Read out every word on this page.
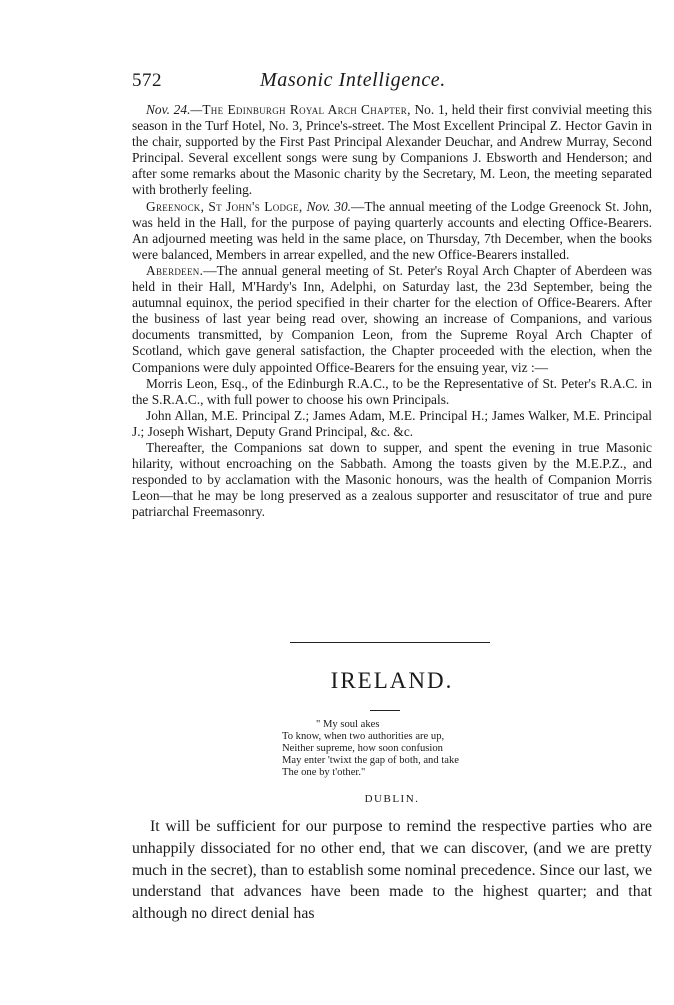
572	Masonic Intelligence.

Nov. 24.—The Edinburgh Royal Arch Chapter, No. 1, held their first convivial meeting this season in the Turf Hotel, No. 3, Prince's-street. The Most Excellent Principal Z. Hector Gavin in the chair, supported by the First Past Principal Alexander Deuchar, and Andrew Murray, Second Principal. Several excellent songs were sung by Companions J. Ebsworth and Henderson; and after some remarks about the Masonic charity by the Secretary, M. Leon, the meeting separated with brotherly feeling.

Greenock, St John's Lodge, Nov. 30.—The annual meeting of the Lodge Greenock St. John, was held in the Hall, for the purpose of paying quarterly accounts and electing Office-Bearers. An adjourned meeting was held in the same place, on Thursday, 7th December, when the books were balanced, Members in arrear expelled, and the new Office-Bearers installed.

Aberdeen.—The annual general meeting of St. Peter's Royal Arch Chapter of Aberdeen was held in their Hall, M'Hardy's Inn, Adelphi, on Saturday last, the 23d September, being the autumnal equinox, the period specified in their charter for the election of Office-Bearers. After the business of last year being read over, showing an increase of Companions, and various documents transmitted, by Companion Leon, from the Supreme Royal Arch Chapter of Scotland, which gave general satisfaction, the Chapter proceeded with the election, when the Companions were duly appointed Office-Bearers for the ensuing year, viz :—

Morris Leon, Esq., of the Edinburgh R.A.C., to be the Representative of St. Peter's R.A.C. in the S.R.A.C., with full power to choose his own Principals.

John Allan, M.E. Principal Z.; James Adam, M.E. Principal H.; James Walker, M.E. Principal J.; Joseph Wishart, Deputy Grand Principal, &c. &c.

Thereafter, the Companions sat down to supper, and spent the evening in true Masonic hilarity, without encroaching on the Sabbath. Among the toasts given by the M.E.P.Z., and responded to by acclamation with the Masonic honours, was the health of Companion Morris Leon—that he may be long preserved as a zealous supporter and resuscitator of true and pure patriarchal Freemasonry.

IRELAND.
" My soul akes
To know, when two authorities are up,
Neither supreme, how soon confusion
May enter 'twixt the gap of both, and take
The one by t'other."
DUBLIN.

It will be sufficient for our purpose to remind the respective parties who are unhappily dissociated for no other end, that we can discover, (and we are pretty much in the secret), than to establish some nominal precedence. Since our last, we understand that advances have been made to the highest quarter; and that although no direct denial has
